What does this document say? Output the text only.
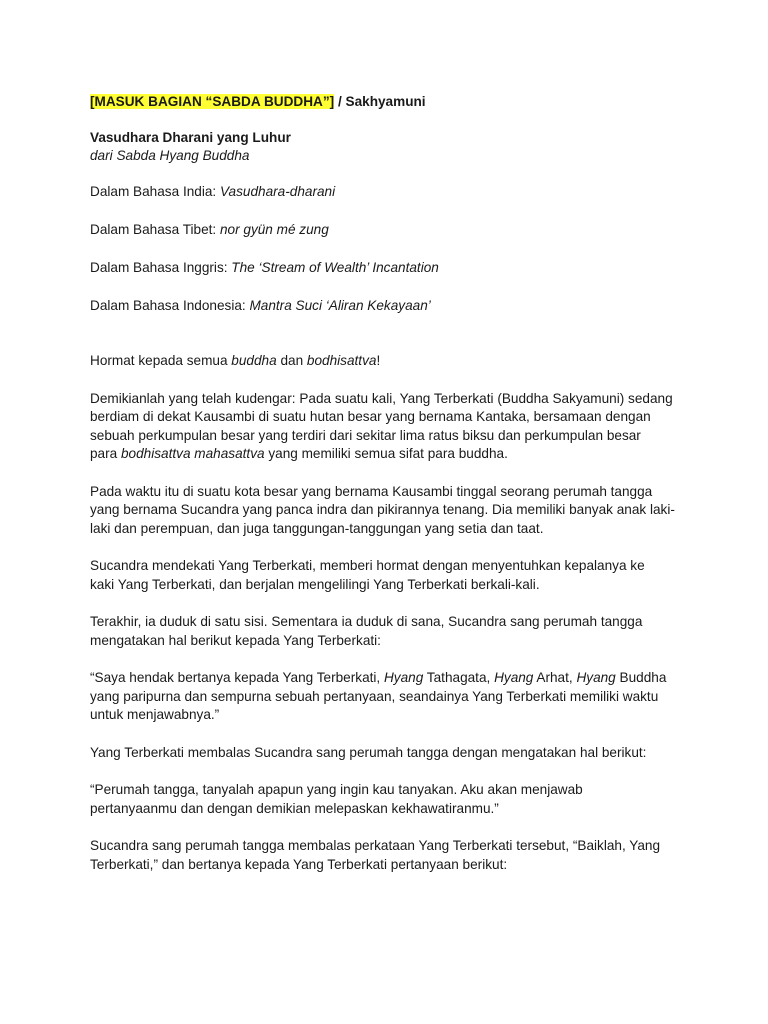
[MASUK BAGIAN “SABDA BUDDHA”] / Sakhyamuni

Vasudhara Dharani yang Luhur

dari Sabda Hyang Buddha

Dalam Bahasa India: Vasudhara-dharani

Dalam Bahasa Tibet: nor gyün mé zung

Dalam Bahasa Inggris: The ‘Stream of Wealth’ Incantation

Dalam Bahasa Indonesia: Mantra Suci ‘Aliran Kekayaan’

Hormat kepada semua buddha dan bodhisattva!

Demikianlah yang telah kudengar: Pada suatu kali, Yang Terberkati (Buddha Sakyamuni) sedang

berdiam di dekat Kausambi di suatu hutan besar yang bernama Kantaka, bersamaan dengan

sebuah perkumpulan besar yang terdiri dari sekitar lima ratus biksu dan perkumpulan besar

para bodhisattva mahasattva yang memiliki semua sifat para buddha.

Pada waktu itu di suatu kota besar yang bernama Kausambi tinggal seorang perumah tangga

yang bernama Sucandra yang panca indra dan pikirannya tenang. Dia memiliki banyak anak laki-

laki dan perempuan, dan juga tanggungan-tanggungan yang setia dan taat.

Sucandra mendekati Yang Terberkati, memberi hormat dengan menyentuhkan kepalanya ke

kaki Yang Terberkati, dan berjalan mengelilingi Yang Terberkati berkali-kali.

Terakhir, ia duduk di satu sisi. Sementara ia duduk di sana, Sucandra sang perumah tangga

mengatakan hal berikut kepada Yang Terberkati:

“Saya hendak bertanya kepada Yang Terberkati, Hyang Tathagata, Hyang Arhat, Hyang Buddha

yang paripurna dan sempurna sebuah pertanyaan, seandainya Yang Terberkati memiliki waktu

untuk menjawabnya.”

Yang Terberkati membalas Sucandra sang perumah tangga dengan mengatakan hal berikut:

“Perumah tangga, tanyalah apapun yang ingin kau tanyakan. Aku akan menjawab

pertanyaanmu dan dengan demikian melepaskan kekhawatiranmu.”

Sucandra sang perumah tangga membalas perkataan Yang Terberkati tersebut, “Baiklah, Yang

Terberkati,” dan bertanya kepada Yang Terberkati pertanyaan berikut:
